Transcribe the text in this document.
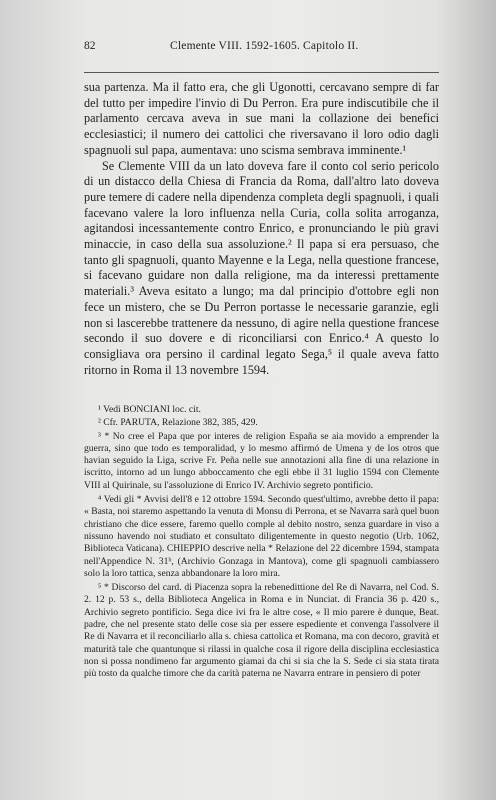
82	Clemente VIII. 1592-1605. Capitolo II.

sua partenza. Ma il fatto era, che gli Ugonotti, cercavano sempre di far del tutto per impedire l'invio di Du Perron. Era pure indiscutibile che il parlamento cercava aveva in sue mani la collazione dei benefici ecclesiastici; il numero dei cattolici che riversavano il loro odio dagli spagnuoli sul papa, aumentava: uno scisma sembrava imminente.¹

Se Clemente VIII da un lato doveva fare il conto col serio pericolo di un distacco della Chiesa di Francia da Roma, dall'altro lato doveva pure temere di cadere nella dipendenza completa degli spagnuoli, i quali facevano valere la loro influenza nella Curia, colla solita arroganza, agitandosi incessantemente contro Enrico, e pronunciando le più gravi minaccie, in caso della sua assoluzione.² Il papa si era persuaso, che tanto gli spagnuoli, quanto Mayenne e la Lega, nella questione francese, si facevano guidare non dalla religione, ma da interessi prettamente materiali.³ Aveva esitato a lungo; ma dal principio d'ottobre egli non fece un mistero, che se Du Perron portasse le necessarie garanzie, egli non si lascerebbe trattenere da nessuno, di agire nella questione francese secondo il suo dovere e di riconciliarsi con Enrico.⁴ A questo lo consigliava ora persino il cardinal legato Sega,⁵ il quale aveva fatto ritorno in Roma il 13 novembre 1594.

¹ Vedi BONCIANI loc. cit.

² Cfr. PARUTA, Relazione 382, 385, 429.

³ * No cree el Papa que por interes de religion España se aia movido a emprender la guerra, sino que todo es temporalidad, y lo mesmo affirmó de Umena y de los otros que havian seguido la Liga, scrive Fr. Peña nelle sue annotazioni alla fine di una relazione in iscritto, intorno ad un lungo abboccamento che egli ebbe il 31 luglio 1594 con Clemente VIII al Quirinale, su l'assoluzione di Enrico IV. Archivio segreto pontificio.

⁴ Vedi gli * Avvisi dell'8 e 12 ottobre 1594. Secondo quest'ultimo, avrebbe detto il papa: « Basta, noi staremo aspettando la venuta di Monsu di Perrona, et se Navarra sarà quel buon christiano che dice essere, faremo quello comple al debito nostro, senza guardare in viso a nissuno havendo noi studiato et consultato diligentemente in questo negotio (Urb. 1062, Biblioteca Vaticana). CHIEPPIO descrive nella * Relazione del 22 dicembre 1594, stampata nell'Appendice N. 31ᵇ, (Archivio Gonzaga in Mantova), come gli spagnuoli cambiassero solo la loro tattica, senza abbandonare la loro mira.

⁵ * Discorso del card. di Piacenza sopra la rebenedittione del Re di Navarra, nel Cod. S. 2. 12 p. 53 s., della Biblioteca Angelica in Roma e in Nunciat. di Francia 36 p. 420 s., Archivio segreto pontificio. Sega dice ivi fra le altre cose, « Il mio parere è dunque, Beat. padre, che nel presente stato delle cose sia per essere espediente et convenga l'assolvere il Re di Navarra et il reconciliarlo alla s. chiesa cattolica et Romana, ma con decoro, gravità et maturità tale che quantunque si rilassi in qualche cosa il rigore della disciplina ecclesiastica non si possa nondimeno far argumento giamai da chi si sia che la S. Sede ci sia stata tirata più tosto da qualche timore che da carità paterna ne Navarra entrare in pensiero di poter
